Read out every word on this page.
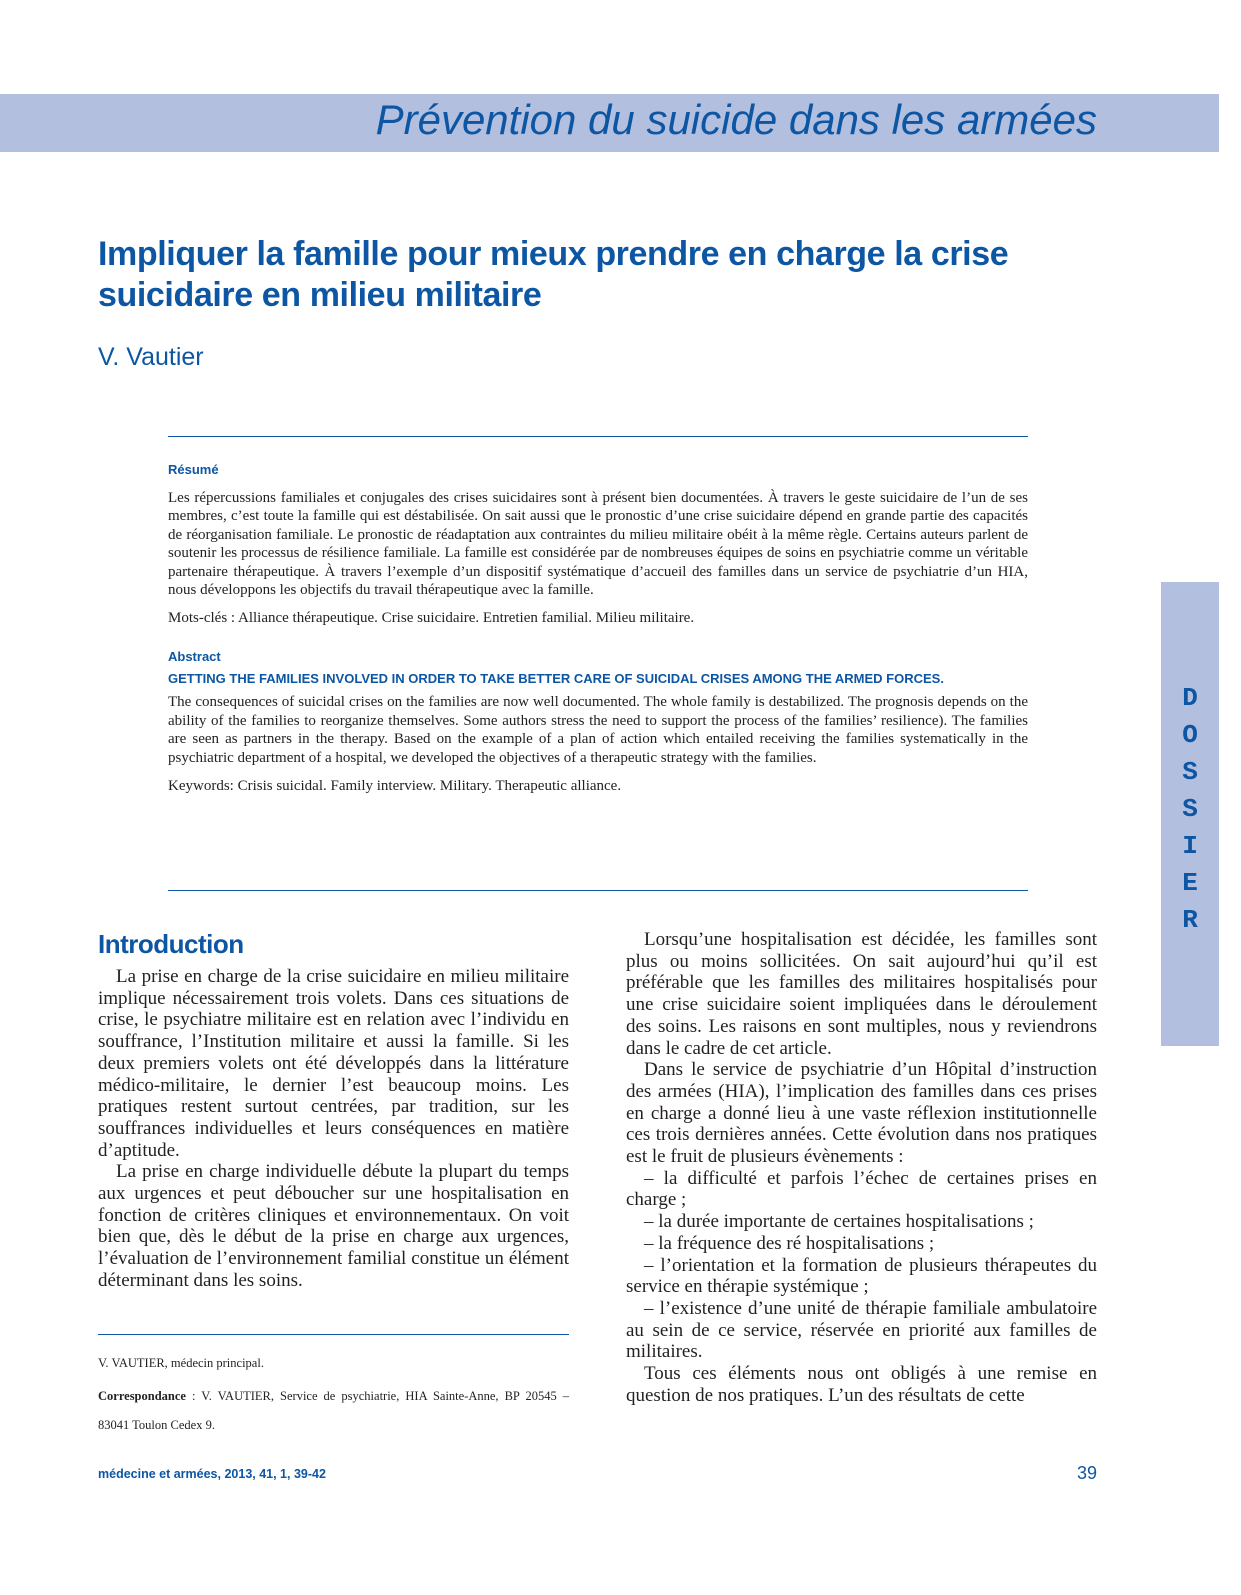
Prévention du suicide dans les armées
D
O
S
S
I
E
R
Impliquer la famille pour mieux prendre en charge la crise suicidaire en milieu militaire
V. Vautier
Résumé

Les répercussions familiales et conjugales des crises suicidaires sont à présent bien documentées. À travers le geste suicidaire de l’un de ses membres, c’est toute la famille qui est déstabilisée. On sait aussi que le pronostic d’une crise suicidaire dépend en grande partie des capacités de réorganisation familiale. Le pronostic de réadaptation aux contraintes du milieu militaire obéit à la même règle. Certains auteurs parlent de soutenir les processus de résilience familiale. La famille est considérée par de nombreuses équipes de soins en psychiatrie comme un véritable partenaire thérapeutique. À travers l’exemple d’un dispositif systématique d’accueil des familles dans un service de psychiatrie d’un HIA, nous développons les objectifs du travail thérapeutique avec la famille.

Mots-clés : Alliance thérapeutique. Crise suicidaire. Entretien familial. Milieu militaire.

Abstract
GETTING THE FAMILIES INVOLVED IN ORDER TO TAKE BETTER CARE OF SUICIDAL CRISES AMONG THE ARMED FORCES.

The consequences of suicidal crises on the families are now well documented. The whole family is destabilized. The prognosis depends on the ability of the families to reorganize themselves. Some authors stress the need to support the process of the families’ resilience). The families are seen as partners in the therapy. Based on the example of a plan of action which entailed receiving the families systematically in the psychiatric department of a hospital, we developed the objectives of a therapeutic strategy with the families.

Keywords: Crisis suicidal. Family interview. Military. Therapeutic alliance.

Introduction

La prise en charge de la crise suicidaire en milieu militaire implique nécessairement trois volets. Dans ces situations de crise, le psychiatre militaire est en relation avec l’individu en souffrance, l’Institution militaire et aussi la famille. Si les deux premiers volets ont été développés dans la littérature médico-militaire, le dernier l’est beaucoup moins. Les pratiques restent surtout centrées, par tradition, sur les souffrances individuelles et leurs conséquences en matière d’aptitude.

La prise en charge individuelle débute la plupart du temps aux urgences et peut déboucher sur une hospitalisation en fonction de critères cliniques et environnementaux. On voit bien que, dès le début de la prise en charge aux urgences, l’évaluation de l’environnement familial constitue un élément déterminant dans les soins.

V. VAUTIER, médecin principal.
Correspondance : V. VAUTIER, Service de psychiatrie, HIA Sainte-Anne, BP 20545 – 83041 Toulon Cedex 9.

Lorsqu’une hospitalisation est décidée, les familles sont plus ou moins sollicitées. On sait aujourd’hui qu’il est préférable que les familles des militaires hospitalisés pour une crise suicidaire soient impliquées dans le déroulement des soins. Les raisons en sont multiples, nous y reviendrons dans le cadre de cet article.

Dans le service de psychiatrie d’un Hôpital d’instruction des armées (HIA), l’implication des familles dans ces prises en charge a donné lieu à une vaste réflexion institutionnelle ces trois dernières années. Cette évolution dans nos pratiques est le fruit de plusieurs évènements :

– la difficulté et parfois l’échec de certaines prises en charge ;

– la durée importante de certaines hospitalisations ;

– la fréquence des ré hospitalisations ;

– l’orientation et la formation de plusieurs thérapeutes du service en thérapie systémique ;

– l’existence d’une unité de thérapie familiale ambulatoire au sein de ce service, réservée en priorité aux familles de militaires.

Tous ces éléments nous ont obligés à une remise en question de nos pratiques. L’un des résultats de cette

médecine et armées, 2013, 41, 1, 39-42	39
